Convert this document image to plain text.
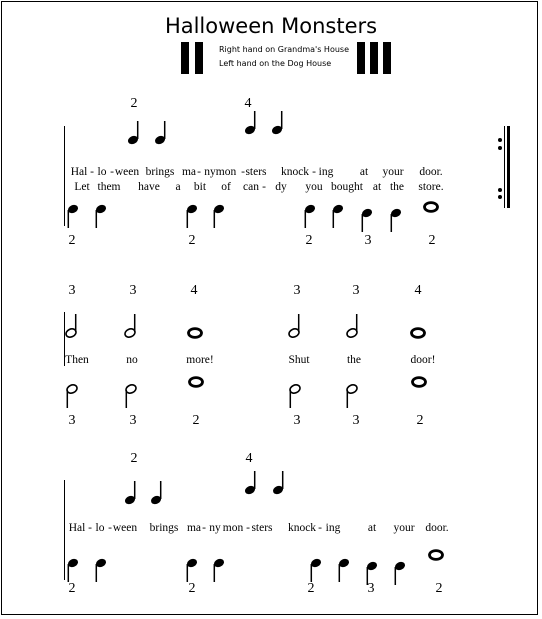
Halloween Monsters
Right hand on Grandma's House
Left hand on the Dog House
2	4
Hal - lo - ween brings ma - ny mon - sters knock - ing at your door.
Let them have a bit of can - dy you bought at the store.
2	2	2	3	2
3	3	4	3	3	4
Then	no	more!	Shut	the	door!
3	3	2	3	3	2
2	4
Hal - lo - ween brings ma - ny mon - sters knock - ing at your door.
2	2	2	3	2
